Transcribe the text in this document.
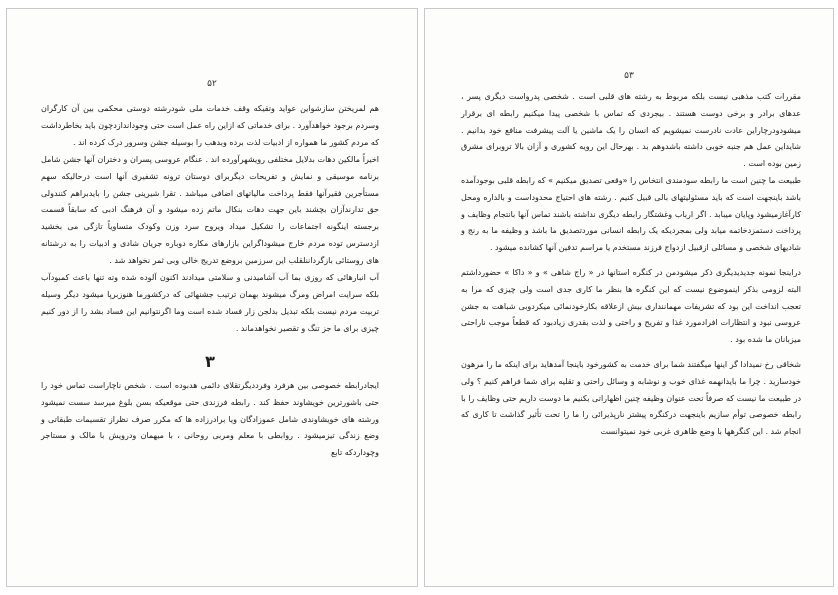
۵۲

هم لمریختن سازشواین عواید وتقیکه وقف خدمات ملی شودرشته دوستی محکمی بین آن کارگران وسردم برجود خواهدآورد . برای خدماتی که ازاین راه عمل است حتی وجوداندازدچون باید بخاطرداشت که مردم کشور ما همواره از ادبیات لذت برده وبدهب را بوسیله جشن وسرور درک کرده اند .

اخیراً مالکین دهات بدلایل مختلفی رویشهرآورده اند . عنگام عروسی پسران و دختران آنها جشن شامل برنامه موسیقی و نمایش و تفریحات دیگربرای دوستان ترونه تشفیری آنها است درحالیکه سهم مستأجرین فقیرآنها فقط پرداخت مالیاتهای اضافی میباشد . تقرا شیرینی جشن را بایدبراهم کنندولی حق تدارندآزان بچشند باین جهت دهات بنکال ماتم زده میشود و آن فرهنگ ادبی که سابقاً قسمت برجسته اینگونه اجتماعات را تشکیل میداد ویروح سرد وزن وکودک متساویاً تازگی می بخشید ازدسترس توده مردم خارج میشوداگراین بازارهای مکاره دوباره جریان شادی و ادبیات را به درشتانه های روستائی بازگرداننلقلب این سرزمین بروضع تدریج خالی وبی ثمر نخواهد شد .

آب انبارهائی که روزی بما آب آشامیدنی و سلامتی میدادند اکنون آلوده شده وته تنها باعث کمبودآب بلکه سرایت امراض ومرگ میشوند بهمان ترتیب جشنهائی که درکشورما هنوزبرپا میشود دیگر وسیله تربیت مردم نیست بلکه تبدیل بدلجن زار فساد شده است وما اگرنتوانیم این فساد بشد را از دور کنیم چیزی برای ما جز تنگ و تقصیر نخواهدماند .

۳

ایجادرابطه خصوصی بین هرفرد وفرددیگرتقلای دائمی هدبوده است . شخص ناچاراست تماس خود را حتی باشورترین خویشاوند حفظ کند . رابطه فرزندی حتی موقعیکه بسن بلوغ میرسد سست نمیشود ورشته های خویشاوندی شامل عموزادگان ویا برادرزاده ها که مکرر صرف نظراز تقسیمات طبقاتی و وضع زندگی تیزمیشود . روابطی با معلم ومربی روحانی ، با میهمان ودرویش با مالک و مستاجر وچوداردکه تابع

۵۳

مقررات کتب مذهبی نیست بلکه مربوط به رشته های قلبی است . شخصی پدرواست دیگری پسر ، عدهای برادر و برخی دوست هستند . بیجردی که تماس با شخصی پیدا میکنیم رابطه ای برقرار میشودودرچاراین عادت نادرست نمیشویم که انسان را یک ماشین یا آلت پیشرفت منافع خود بدانیم . شایداین عمل هم جنبه خوبی داشته باشدوهم بد . بهرحال این رویه کشوری و آزان بالا تروبرای مشرق زمین بوده است .

طبیعت ما چنین است ما رابطه سودمندی انتخاس را «وقعی تصدیق میکنیم » که رابطه قلبی بوجودآمده باشد باینجهت است که باید مسئولیتهای بالی قبیل کنیم . رشته های احتیاج محدوداست و بالداره ومحل کارآغازمیشود وپایان میبابد . اگر ارباب وغشتگار رابطه دیگری نداشته باشند تماس آنها بانتجام وظایف و پرداخت دستمزدخاتمه میابد ولی بمجردیکه یک رابطه انسانی موردتصدیق ما باشد و وظیفه ما به رنج و شادیهای شخصی و مسائلی ازقبیل ازدواج فرزند مستخدم یا مراسم تدفین آنها کشانده میشود .

دراینجا نمونه جدیدیدیگری ذکر میشودمن در کنگره استانها در « راج شاهی » و « داکا » حضورداشتم البته لزومی بذکر اینموضوع نیست که این کنگره ها بنظر ما کاری جدی است ولی چیزی که مرا به تعجب انداخت این بود که تشریفات مهماننداری بیش ازعلاقه بکارخودنمائی میکردوبی شباهت به جشن عروسی نبود و انتظارات افرادمورد غذا و تفریح و راحتی و لذت بقدری زیادبود که قطعاً موجب ناراحتی میزبانان ما شده بود .

شخاقی رخ نمیدادا گر اینها میگفتند شما برای خدمت به کشورخود باینجا آمدهاید برای اینکه ما را مرهون خودسازید . چرا ما بایدانهمه غذای خوب و نوشابه و وسائل راحتی و تقلیه برای شما فراهم کنیم ؟ ولی در طبیعت ما نیست که صرفاً تحت عنوان وظیفه چنین اظهاراتی بکنیم ما دوست داریم حتی وظایف را با رابطه خصوصی توأم سازیم باینجهت درکنگره پیشتر نارپذیرائی را ما را تحت تأثیر گذاشت تا کاری که انجام شد . این کنگرهها با وضع ظاهری غربی خود نمیتوانست
